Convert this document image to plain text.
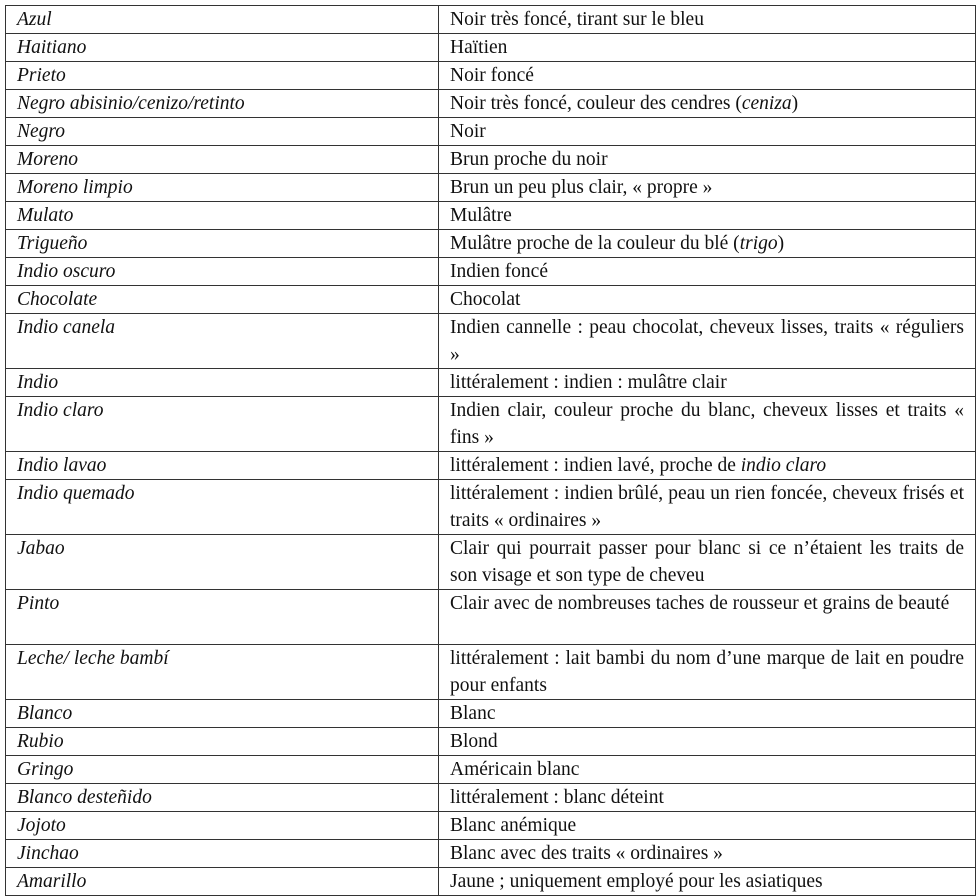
Azul	Noir très foncé, tirant sur le bleu
Haitiano	Haïtien
Prieto	Noir foncé
Negro abisinio/cenizo/retinto	Noir très foncé, couleur des cendres (ceniza)
Negro	Noir
Moreno	Brun proche du noir
Moreno limpio	Brun un peu plus clair, « propre »
Mulato	Mulâtre
Trigueño	Mulâtre proche de la couleur du blé (trigo)
Indio oscuro	Indien foncé
Chocolate	Chocolat
Indio canela	Indien cannelle : peau chocolat, cheveux lisses, traits « réguliers »
Indio	littéralement : indien : mulâtre clair
Indio claro	Indien clair, couleur proche du blanc, cheveux lisses et traits « fins »
Indio lavao	littéralement : indien lavé, proche de indio claro
Indio quemado	littéralement : indien brûlé, peau un rien foncée, cheveux frisés et traits « ordinaires »
Jabao	Clair qui pourrait passer pour blanc si ce n’étaient les traits de son visage et son type de cheveu
Pinto	Clair avec de nombreuses taches de rousseur et grains de beauté
Leche/ leche bambí	littéralement : lait bambi du nom d’une marque de lait en poudre pour enfants
Blanco	Blanc
Rubio	Blond
Gringo	Américain blanc
Blanco desteñido	littéralement : blanc déteint
Jojoto	Blanc anémique
Jinchao	Blanc avec des traits « ordinaires »
Amarillo	Jaune ; uniquement employé pour les asiatiques
